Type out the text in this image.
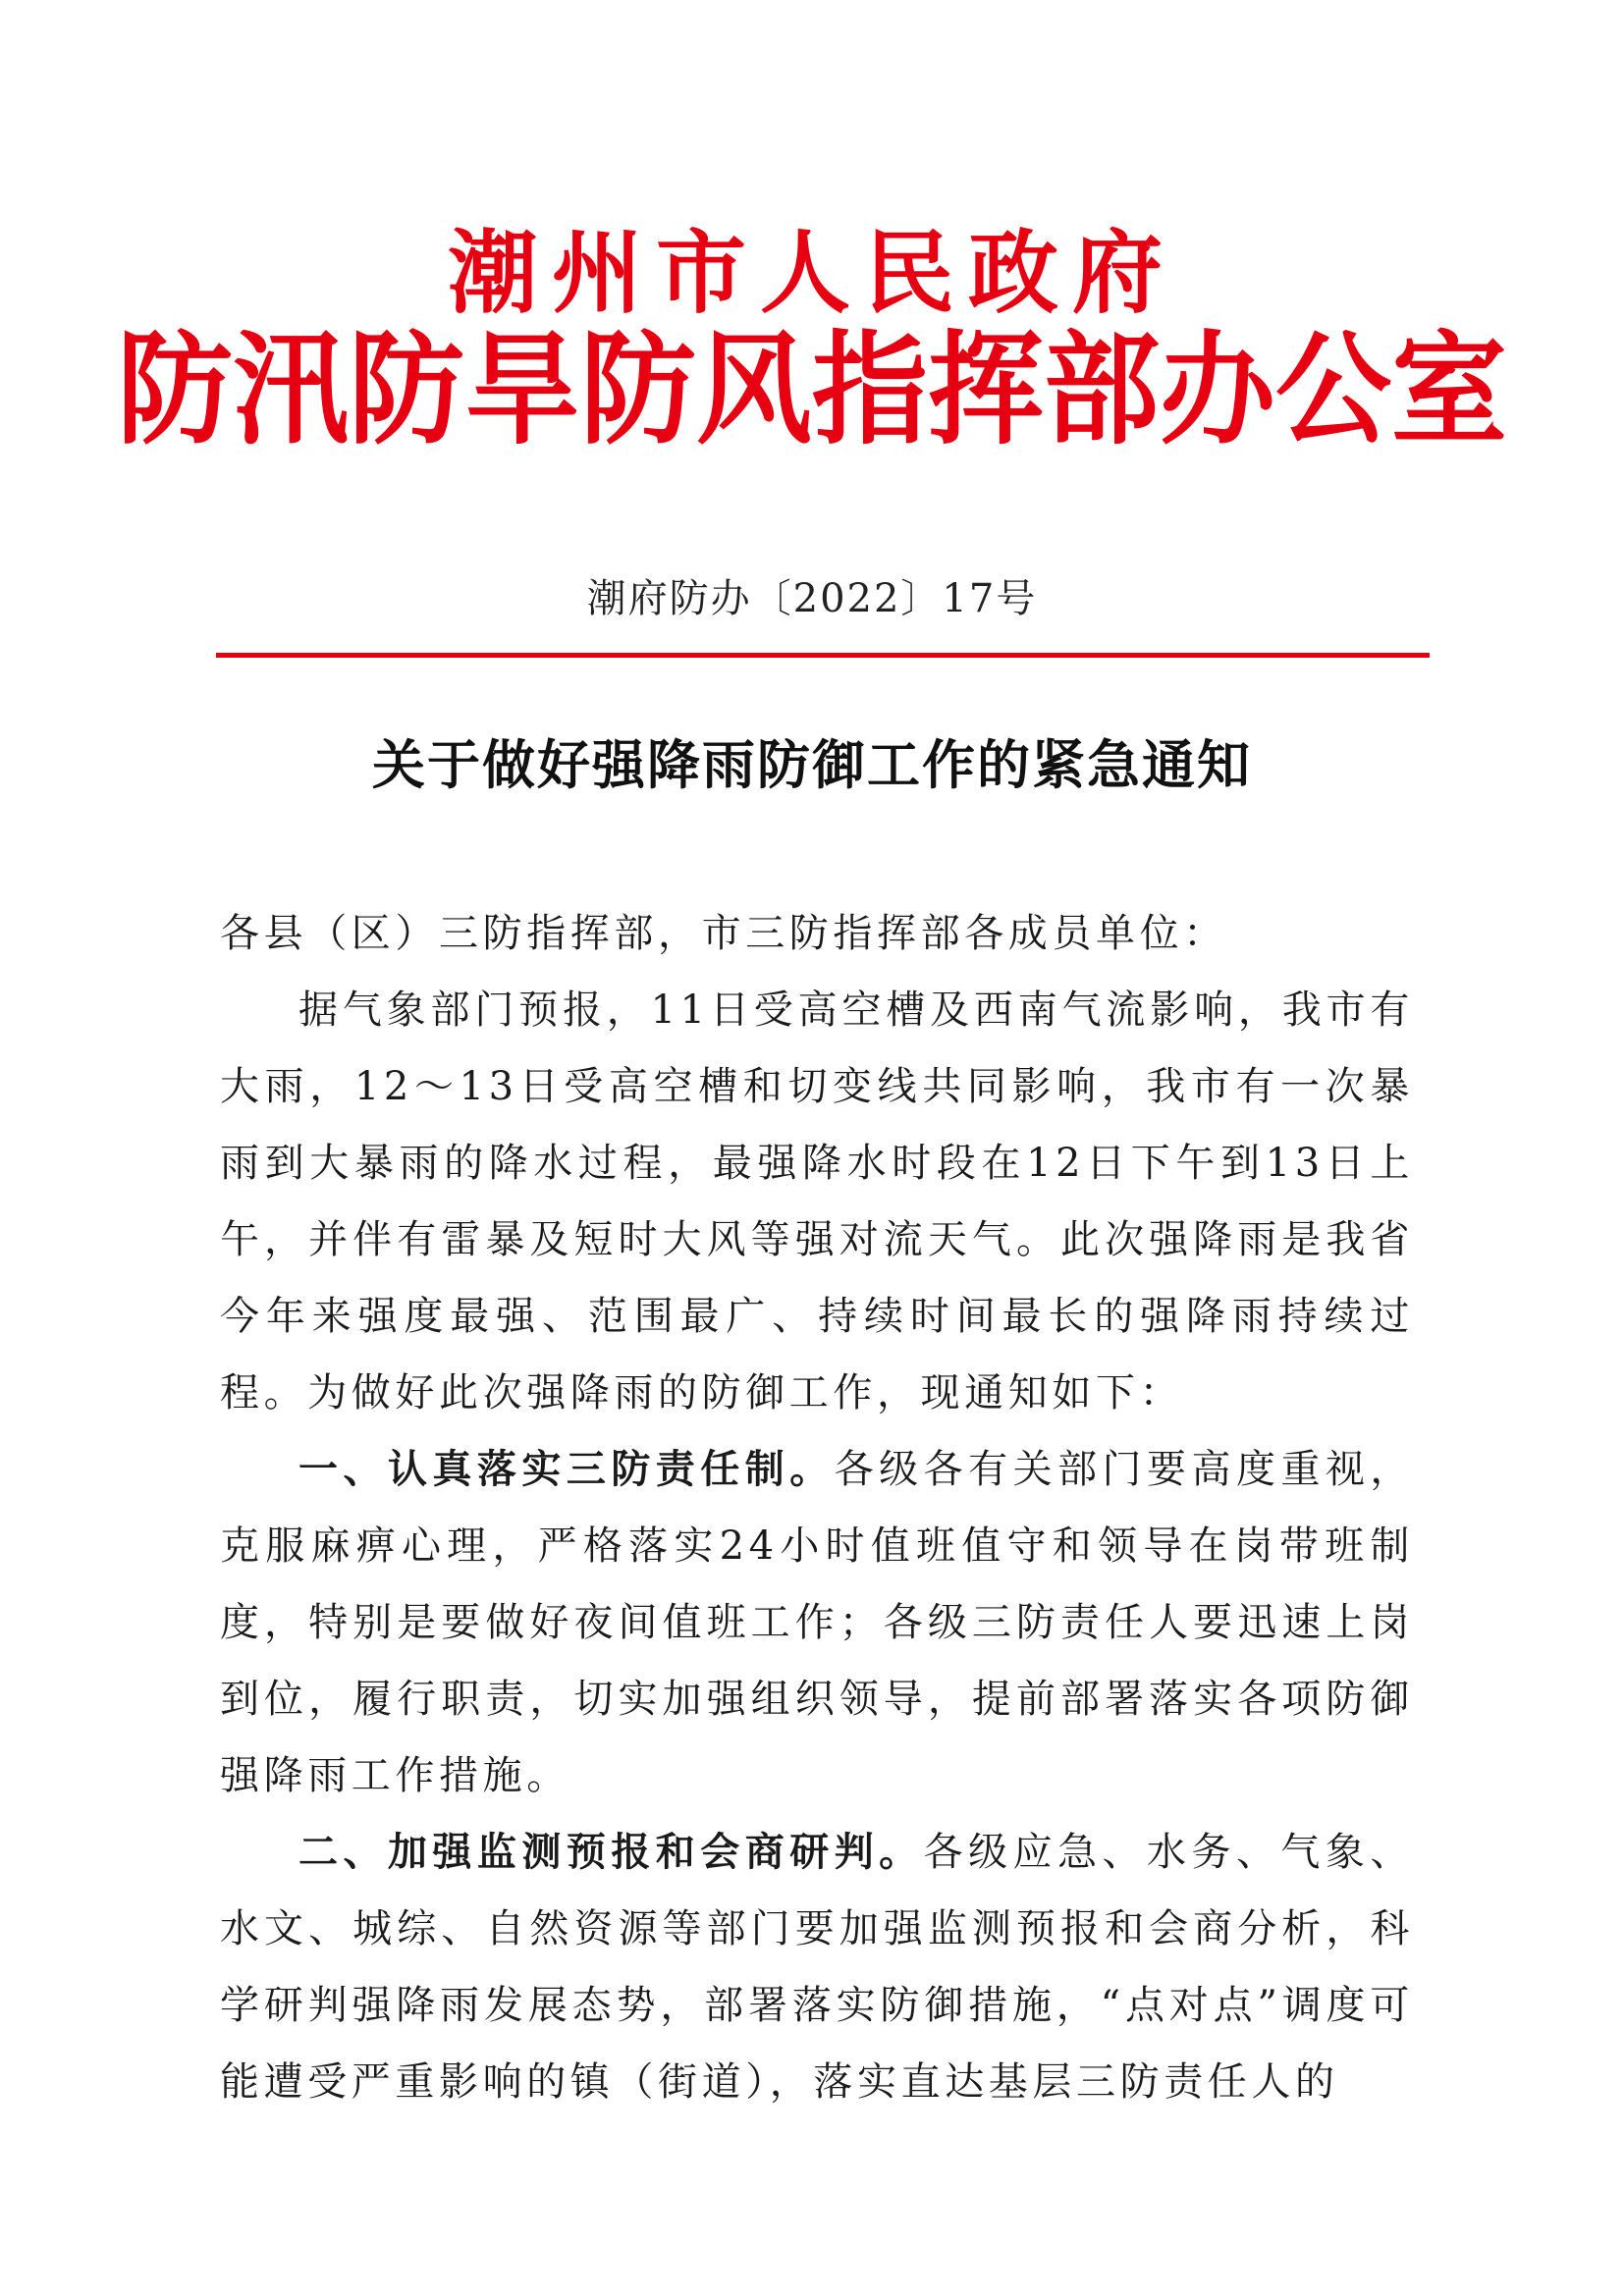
潮州市人民政府
防汛防旱防风指挥部办公室
潮府防办〔2022〕17号
关于做好强降雨防御工作的紧急通知

各县（区）三防指挥部，市三防指挥部各成员单位：

据气象部门预报，11日受高空槽及西南气流影响，我市有大雨，12～13日受高空槽和切变线共同影响，我市有一次暴雨到大暴雨的降水过程，最强降水时段在12日下午到13日上午，并伴有雷暴及短时大风等强对流天气。此次强降雨是我省今年来强度最强、范围最广、持续时间最长的强降雨持续过程。为做好此次强降雨的防御工作，现通知如下：

一、认真落实三防责任制。各级各有关部门要高度重视，克服麻痹心理，严格落实24小时值班值守和领导在岗带班制度，特别是要做好夜间值班工作；各级三防责任人要迅速上岗到位，履行职责，切实加强组织领导，提前部署落实各项防御强降雨工作措施。

二、加强监测预报和会商研判。各级应急、水务、气象、水文、城综、自然资源等部门要加强监测预报和会商分析，科学研判强降雨发展态势，部署落实防御措施，“点对点”调度可能遭受严重影响的镇（街道），落实直达基层三防责任人的
